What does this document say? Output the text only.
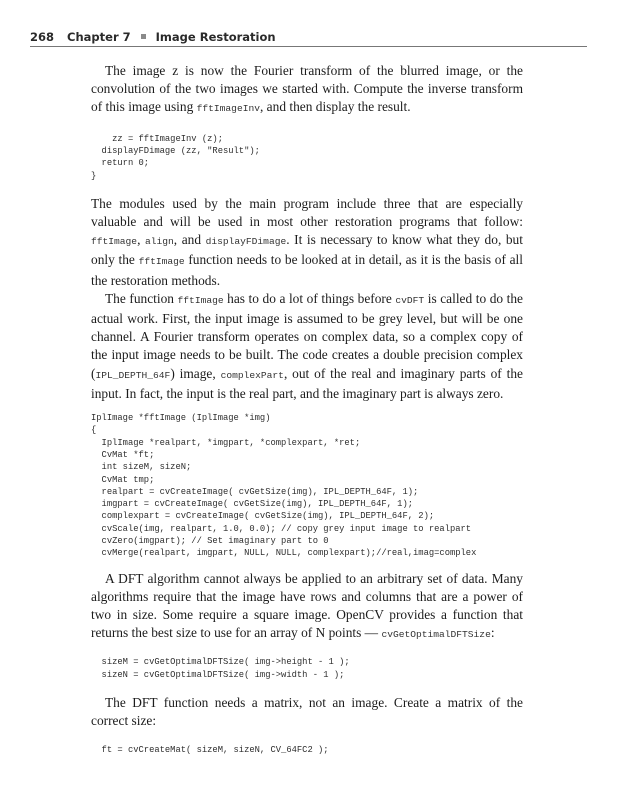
268 Chapter 7 Image Restoration

The image z is now the Fourier transform of the blurred image, or the convolution of the two images we started with. Compute the inverse transform of this image using fftImageInv, and then display the result.

zz = fftImageInv (z);
displayFDimage (zz, "Result");
return 0;
}

The modules used by the main program include three that are especially valuable and will be used in most other restoration programs that follow: fftImage, align, and displayFDimage. It is necessary to know what they do, but only the fftImage function needs to be looked at in detail, as it is the basis of all the restoration methods.

The function fftImage has to do a lot of things before cvDFT is called to do the actual work. First, the input image is assumed to be grey level, but will be one channel. A Fourier transform operates on complex data, so a complex copy of the input image needs to be built. The code creates a double precision complex (IPL_DEPTH_64F) image, complexPart, out of the real and imaginary parts of the input. In fact, the input is the real part, and the imaginary part is always zero.

IplImage *fftImage (IplImage *img)
{
IplImage *realpart, *imgpart, *complexpart, *ret;
CvMat *ft;
int sizeM, sizeN;
CvMat tmp;
realpart = cvCreateImage( cvGetSize(img), IPL_DEPTH_64F, 1);
imgpart = cvCreateImage( cvGetSize(img), IPL_DEPTH_64F, 1);
complexpart = cvCreateImage( cvGetSize(img), IPL_DEPTH_64F, 2);
cvScale(img, realpart, 1.0, 0.0); // copy grey input image to realpart
cvZero(imgpart); // Set imaginary part to 0
cvMerge(realpart, imgpart, NULL, NULL, complexpart);//real,imag=complex

A DFT algorithm cannot always be applied to an arbitrary set of data. Many algorithms require that the image have rows and columns that are a power of two in size. Some require a square image. OpenCV provides a function that returns the best size to use for an array of N points — cvGetOptimalDFTSize:

sizeM = cvGetOptimalDFTSize( img->height - 1 );
sizeN = cvGetOptimalDFTSize( img->width - 1 );

The DFT function needs a matrix, not an image. Create a matrix of the correct size:

ft = cvCreateMat( sizeM, sizeN, CV_64FC2 );
